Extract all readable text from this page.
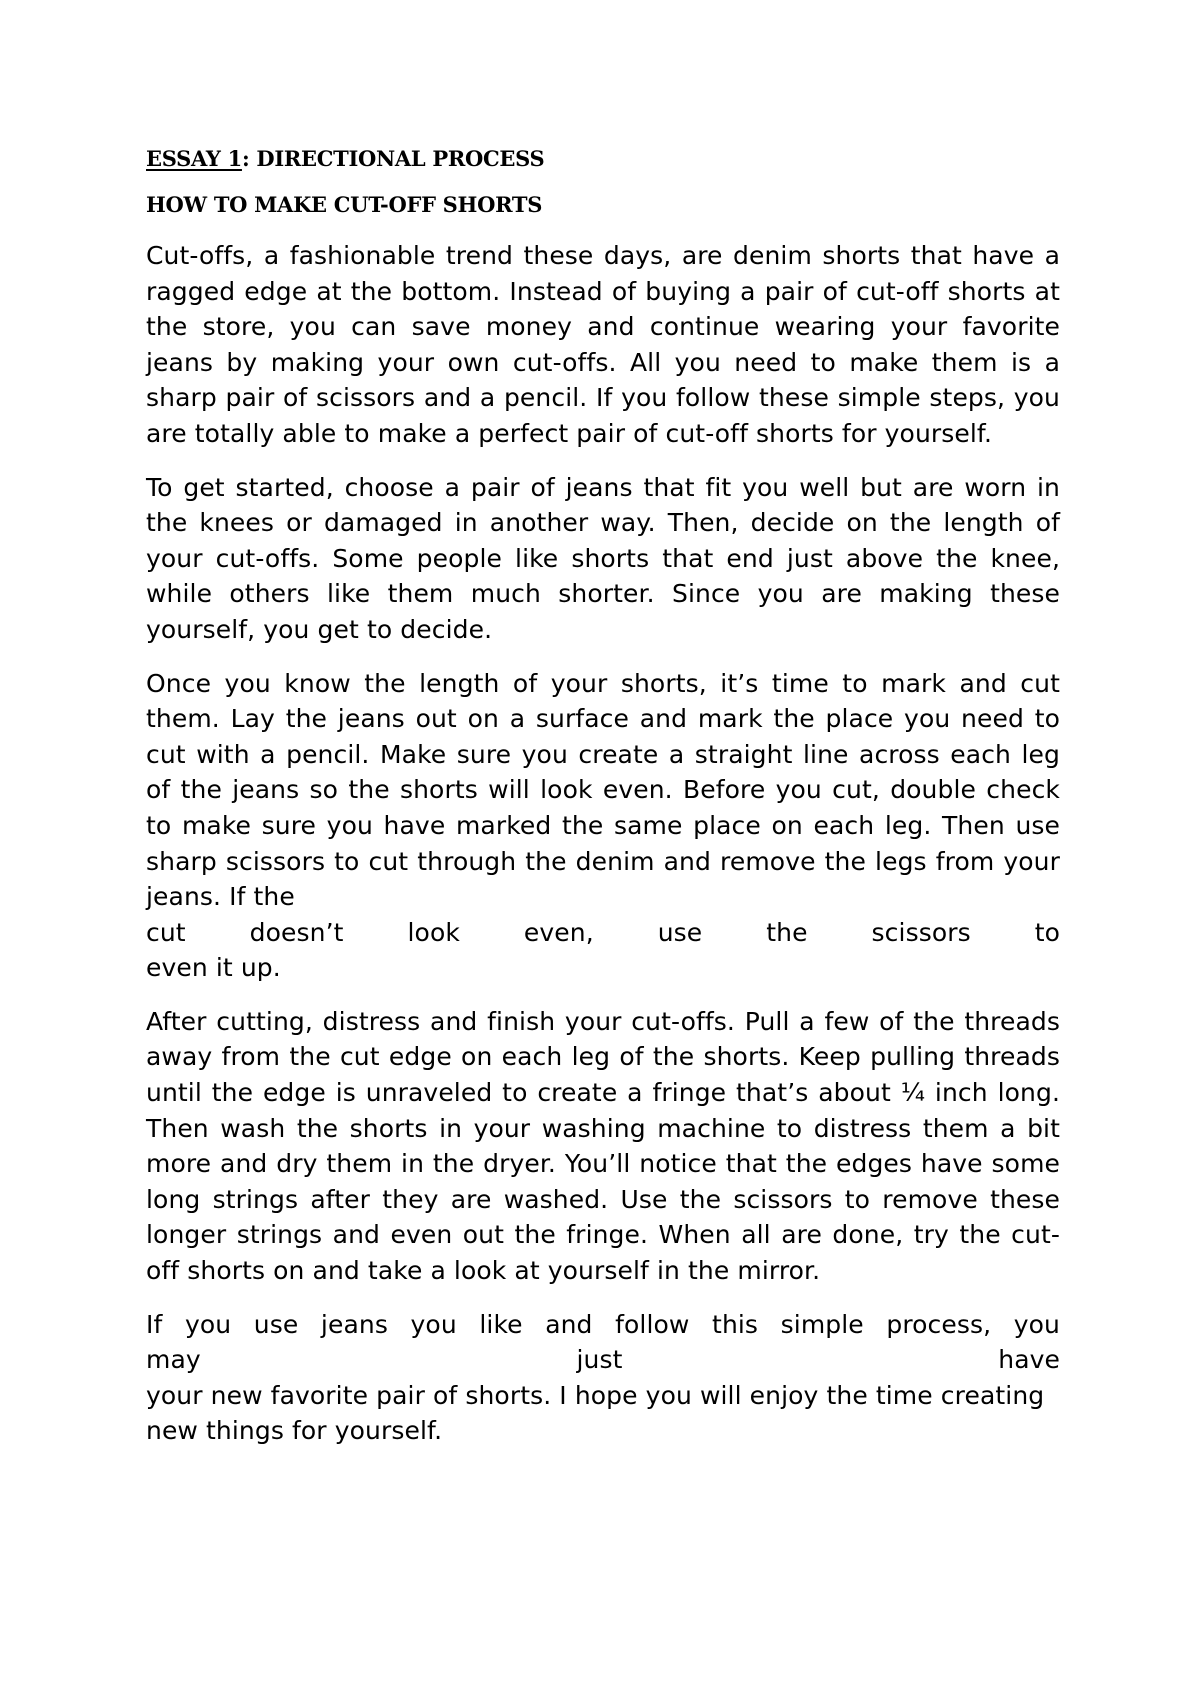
ESSAY 1: DIRECTIONAL PROCESS
HOW TO MAKE CUT-OFF SHORTS

Cut-offs, a fashionable trend these days, are denim shorts that have a ragged edge at the bottom. Instead of buying a pair of cut-off shorts at the store, you can save money and continue wearing your favorite jeans by making your own cut-offs. All you need to make them is a sharp pair of scissors and a pencil. If you follow these simple steps, you are totally able to make a perfect pair of cut-off shorts for yourself.

To get started, choose a pair of jeans that fit you well but are worn in the knees or damaged in another way. Then, decide on the length of your cut-offs. Some people like shorts that end just above the knee, while others like them much shorter. Since you are making these yourself, you get to decide.

Once you know the length of your shorts, it’s time to mark and cut them. Lay the jeans out on a surface and mark the place you need to cut with a pencil. Make sure you create a straight line across each leg of the jeans so the shorts will look even. Before you cut, double check to make sure you have marked the same place on each leg. Then use sharp scissors to cut through the denim and remove the legs from your jeans. If the
cut doesn’t look even, use the scissors to
even it up.

After cutting, distress and finish your cut-offs. Pull a few of the threads away from the cut edge on each leg of the shorts. Keep pulling threads until the edge is unraveled to create a fringe that’s about ¼ inch long. Then wash the shorts in your washing machine to distress them a bit more and dry them in the dryer. You’ll notice that the edges have some long strings after they are washed. Use the scissors to remove these longer strings and even out the fringe. When all are done, try the cut-off shorts on and take a look at yourself in the mirror.

If you use jeans you like and follow this simple process, you
may just have
your new favorite pair of shorts. I hope you will enjoy the time creating new things for yourself.
